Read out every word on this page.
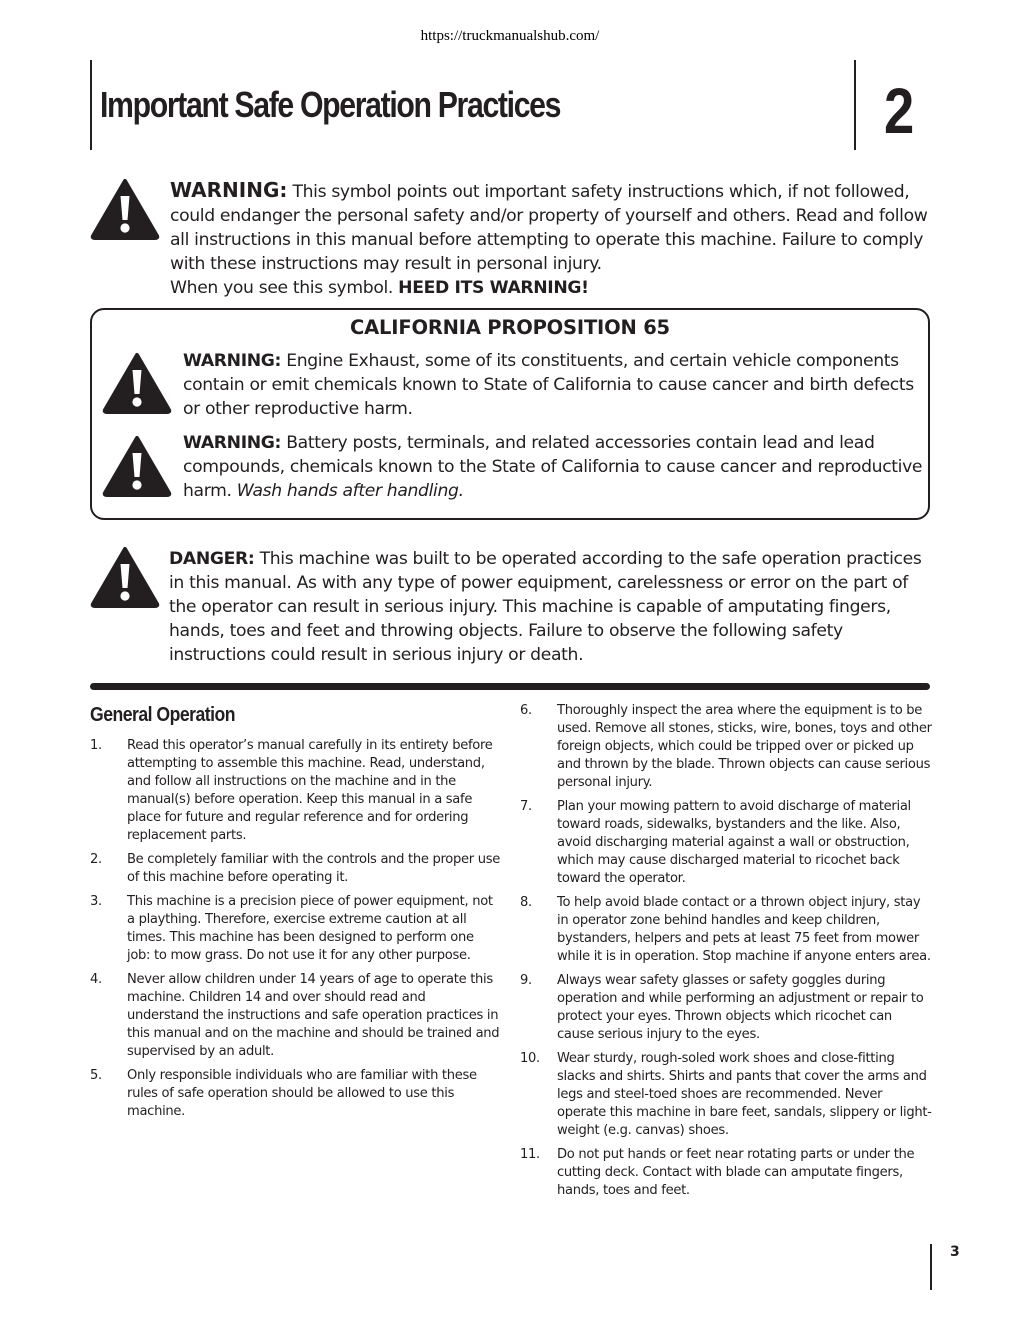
https://truckmanualshub.com/
Important Safe Operation Practices	2
WARNING: This symbol points out important safety instructions which, if not followed, could endanger the personal safety and/or property of yourself and others. Read and follow all instructions in this manual before attempting to operate this machine. Failure to comply with these instructions may result in personal injury.
When you see this symbol. HEED ITS WARNING!
CALIFORNIA PROPOSITION 65
WARNING: Engine Exhaust, some of its constituents, and certain vehicle components contain or emit chemicals known to State of California to cause cancer and birth defects or other reproductive harm.
WARNING: Battery posts, terminals, and related accessories contain lead and lead compounds, chemicals known to the State of California to cause cancer and reproductive harm. Wash hands after handling.
DANGER: This machine was built to be operated according to the safe operation practices in this manual. As with any type of power equipment, carelessness or error on the part of the operator can result in serious injury. This machine is capable of amputating fingers, hands, toes and feet and throwing objects. Failure to observe the following safety instructions could result in serious injury or death.
General Operation
1.	Read this operator’s manual carefully in its entirety before attempting to assemble this machine. Read, understand, and follow all instructions on the machine and in the manual(s) before operation. Keep this manual in a safe place for future and regular reference and for ordering replacement parts.
2.	Be completely familiar with the controls and the proper use of this machine before operating it.
3.	This machine is a precision piece of power equipment, not a plaything. Therefore, exercise extreme caution at all times. This machine has been designed to perform one job: to mow grass. Do not use it for any other purpose.
4.	Never allow children under 14 years of age to operate this machine. Children 14 and over should read and understand the instructions and safe operation practices in this manual and on the machine and should be trained and supervised by an adult.
5.	Only responsible individuals who are familiar with these rules of safe operation should be allowed to use this machine.
6.	Thoroughly inspect the area where the equipment is to be used. Remove all stones, sticks, wire, bones, toys and other foreign objects, which could be tripped over or picked up and thrown by the blade. Thrown objects can cause serious personal injury.
7.	Plan your mowing pattern to avoid discharge of material toward roads, sidewalks, bystanders and the like. Also, avoid discharging material against a wall or obstruction, which may cause discharged material to ricochet back toward the operator.
8.	To help avoid blade contact or a thrown object injury, stay in operator zone behind handles and keep children, bystanders, helpers and pets at least 75 feet from mower while it is in operation. Stop machine if anyone enters area.
9.	Always wear safety glasses or safety goggles during operation and while performing an adjustment or repair to protect your eyes. Thrown objects which ricochet can cause serious injury to the eyes.
10.	Wear sturdy, rough-soled work shoes and close-fitting slacks and shirts. Shirts and pants that cover the arms and legs and steel-toed shoes are recommended. Never operate this machine in bare feet, sandals, slippery or light-weight (e.g. canvas) shoes.
11.	Do not put hands or feet near rotating parts or under the cutting deck. Contact with blade can amputate fingers, hands, toes and feet.
3
